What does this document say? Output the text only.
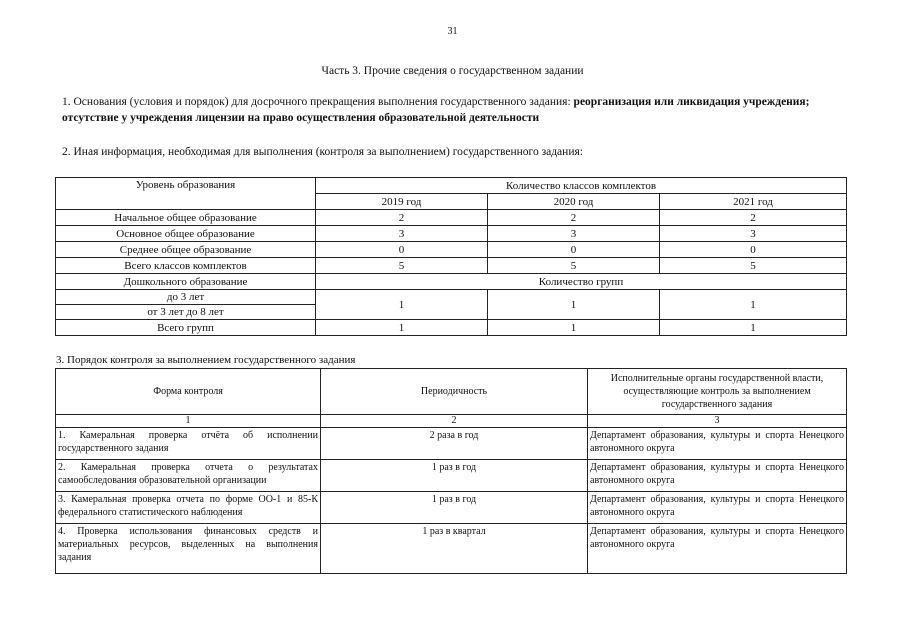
31
Часть 3. Прочие сведения о государственном задании
1. Основания (условия и порядок) для досрочного прекращения выполнения государственного задания: реорганизация или ликвидация учреждения; отсутствие у учреждения лицензии на право осуществления образовательной деятельности
2. Иная информация, необходимая для выполнения (контроля за выполнением) государственного задания:
Уровень образования	Количество классов комплектов		
	2019 год	2020 год	2021 год
Начальное общее образование	2	2	2
Основное общее образование	3	3	3
Среднее общее образование	0	0	0
Всего классов комплектов	5	5	5
Дошкольного образование	Количество групп		
до 3 лет	1	1	1
от 3 лет до 8 лет			
Всего групп	1	1	1
3. Порядок контроля за выполнением государственного задания
Форма контроля	Периодичность	Исполнительные органы государственной власти, осуществляющие контроль за выполнением государственного задания
1	2	3
1. Камеральная проверка отчёта об исполнении государственного задания	2 раза в год	Департамент образования, культуры и спорта Ненецкого автономного округа
2. Камеральная проверка отчета о результатах самообследования образовательной организации	1 раз в год	Департамент образования, культуры и спорта Ненецкого автономного округа
3. Камеральная проверка отчета по форме ОО-1 и 85-К федерального статистического наблюдения	1 раз в год	Департамент образования, культуры и спорта Ненецкого автономного округа
4. Проверка использования финансовых средств и материальных ресурсов, выделенных на выполнения задания	1 раз в квартал	Департамент образования, культуры и спорта Ненецкого автономного округа
